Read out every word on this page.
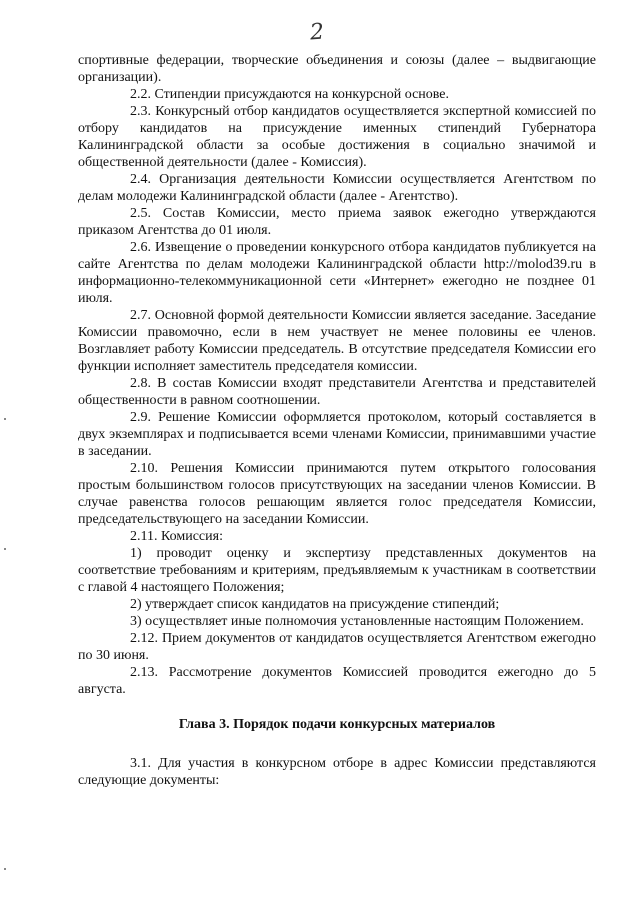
2

спортивные федерации, творческие объединения и союзы (далее – выдвигающие организации).

2.2. Стипендии присуждаются на конкурсной основе.

2.3. Конкурсный отбор кандидатов осуществляется экспертной комиссией по отбору кандидатов на присуждение именных стипендий Губернатора Калининградской области за особые достижения в социально значимой и общественной деятельности (далее - Комиссия).

2.4. Организация деятельности Комиссии осуществляется Агентством по делам молодежи Калининградской области (далее - Агентство).

2.5. Состав Комиссии, место приема заявок ежегодно утверждаются приказом Агентства до 01 июля.

2.6. Извещение о проведении конкурсного отбора кандидатов публикуется на сайте Агентства по делам молодежи Калининградской области http://molod39.ru в информационно-телекоммуникационной сети «Интернет» ежегодно не позднее 01 июля.

2.7. Основной формой деятельности Комиссии является заседание. Заседание Комиссии правомочно, если в нем участвует не менее половины ее членов. Возглавляет работу Комиссии председатель. В отсутствие председателя Комиссии его функции исполняет заместитель председателя комиссии.

2.8. В состав Комиссии входят представители Агентства и представителей общественности в равном соотношении.

2.9. Решение Комиссии оформляется протоколом, который составляется в двух экземплярах и подписывается всеми членами Комиссии, принимавшими участие в заседании.

2.10. Решения Комиссии принимаются путем открытого голосования простым большинством голосов присутствующих на заседании членов Комиссии. В случае равенства голосов решающим является голос председателя Комиссии, председательствующего на заседании Комиссии.

2.11. Комиссия:

1) проводит оценку и экспертизу представленных документов на соответствие требованиям и критериям, предъявляемым к участникам в соответствии с главой 4 настоящего Положения;

2) утверждает список кандидатов на присуждение стипендий;

3) осуществляет иные полномочия установленные настоящим Положением.

2.12. Прием документов от кандидатов осуществляется Агентством ежегодно по 30 июня.

2.13. Рассмотрение документов Комиссией проводится ежегодно до 5 августа.

Глава 3. Порядок подачи конкурсных материалов

3.1. Для участия в конкурсном отборе в адрес Комиссии представляются следующие документы:
